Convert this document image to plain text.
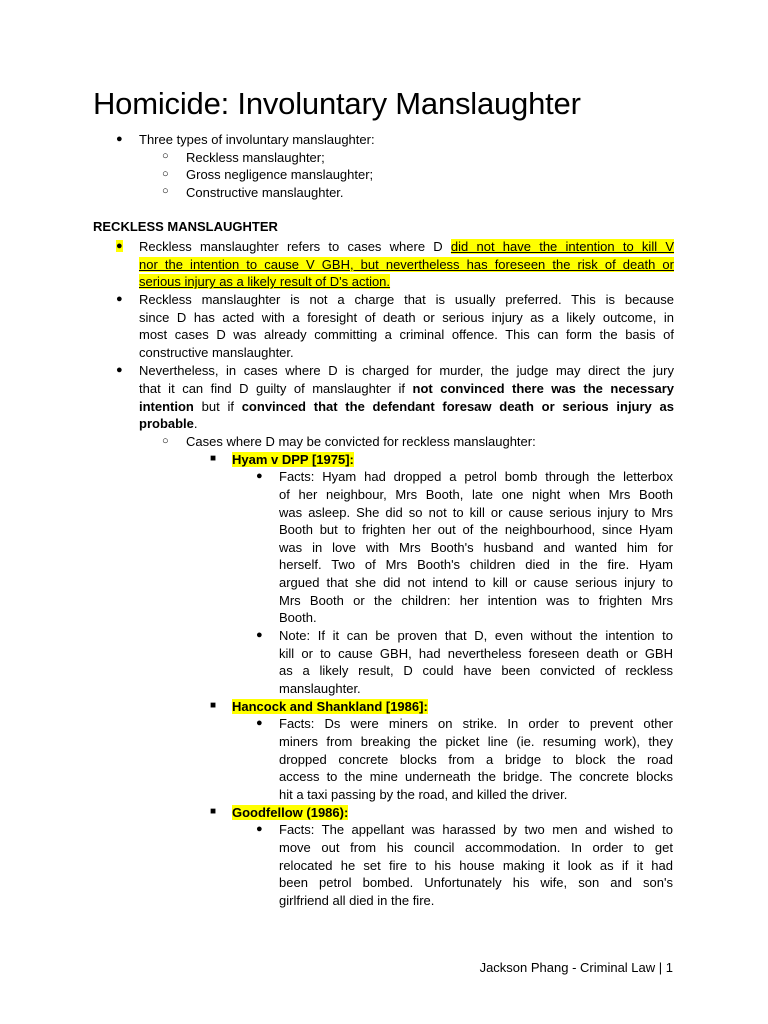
Homicide: Involuntary Manslaughter
● Three types of involuntary manslaughter:
○ Reckless manslaughter;
○ Gross negligence manslaughter;
○ Constructive manslaughter.
RECKLESS MANSLAUGHTER
● Reckless manslaughter refers to cases where D did not have the intention to kill V
nor the intention to cause V GBH, but nevertheless has foreseen the risk of death or
serious injury as a likely result of D's action.
● Reckless manslaughter is not a charge that is usually preferred. This is because
since D has acted with a foresight of death or serious injury as a likely outcome, in
most cases D was already committing a criminal offence. This can form the basis of
constructive manslaughter.
● Nevertheless, in cases where D is charged for murder, the judge may direct the jury
that it can find D guilty of manslaughter if not convinced there was the necessary
intention but if convinced that the defendant foresaw death or serious injury as
probable.
○ Cases where D may be convicted for reckless manslaughter:
■ Hyam v DPP [1975]:
● Facts: Hyam had dropped a petrol bomb through the letterbox
of her neighbour, Mrs Booth, late one night when Mrs Booth
was asleep. She did so not to kill or cause serious injury to Mrs
Booth but to frighten her out of the neighbourhood, since Hyam
was in love with Mrs Booth's husband and wanted him for
herself. Two of Mrs Booth's children died in the fire. Hyam
argued that she did not intend to kill or cause serious injury to
Mrs Booth or the children: her intention was to frighten Mrs
Booth.
● Note: If it can be proven that D, even without the intention to
kill or to cause GBH, had nevertheless foreseen death or GBH
as a likely result, D could have been convicted of reckless
manslaughter.
■ Hancock and Shankland [1986]:
● Facts: Ds were miners on strike. In order to prevent other
miners from breaking the picket line (ie. resuming work), they
dropped concrete blocks from a bridge to block the road
access to the mine underneath the bridge. The concrete blocks
hit a taxi passing by the road, and killed the driver.
■ Goodfellow (1986):
● Facts: The appellant was harassed by two men and wished to
move out from his council accommodation. In order to get
relocated he set fire to his house making it look as if it had
been petrol bombed. Unfortunately his wife, son and son's
girlfriend all died in the fire.
Jackson Phang - Criminal Law | 1
